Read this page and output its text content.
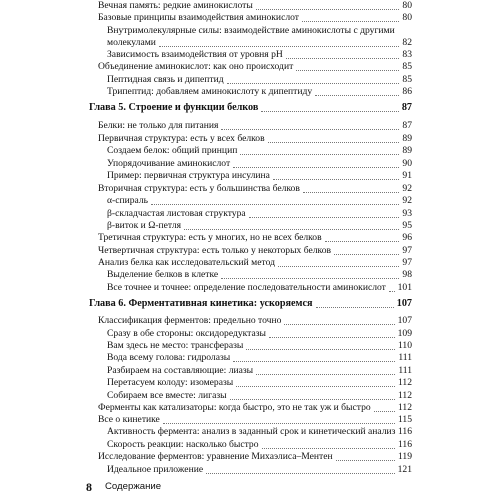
Вечная память: редкие аминокислоты	80
Базовые принципы взаимодействия аминокислот	80
Внутримолекулярные силы: взаимодействие аминокислоты с другими
молекулами	82
Зависимость взаимодействия от уровня pH	83
Объединение аминокислот: как оно происходит	85
Пептидная связь и дипептид	85
Трипептид: добавляем аминокислоту к дипептиду	86
Глава 5. Строение и функции белков	87
Белки: не только для питания	87
Первичная структура: есть у всех белков	89
Создаем белок: общий принцип	89
Упорядочивание аминокислот	90
Пример: первичная структура инсулина	91
Вторичная структура: есть у большинства белков	92
α-спираль	92
β-складчастая листовая структура	93
β-виток и Ω-петля	95
Третичная структура: есть у многих, но не всех белков	96
Четвертичная структура: есть только у некоторых белков	97
Анализ белка как исследовательский метод	97
Выделение белков в клетке	98
Все точнее и точнее: определение последовательности аминокислот 101
Глава 6. Ферментативная кинетика: ускоряемся	107
Классификация ферментов: предельно точно	107
Сразу в обе стороны: оксидоредуктазы	109
Вам здесь не место: трансферазы	110
Вода всему голова: гидролазы	111
Разбираем на составляющие: лиазы	111
Перетасуем колоду: изомеразы	112
Собираем все вместе: лигазы	112
Ферменты как катализаторы: когда быстро, это не так уж и быстро	112
Все о кинетике	115
Активность фермента: анализ в заданный срок и кинетический анализ 116
Скорость реакции: насколько быстро	116
Исследование ферментов: уравнение Михаэлиса–Ментен	119
Идеальное приложение	121
8 Содержание
